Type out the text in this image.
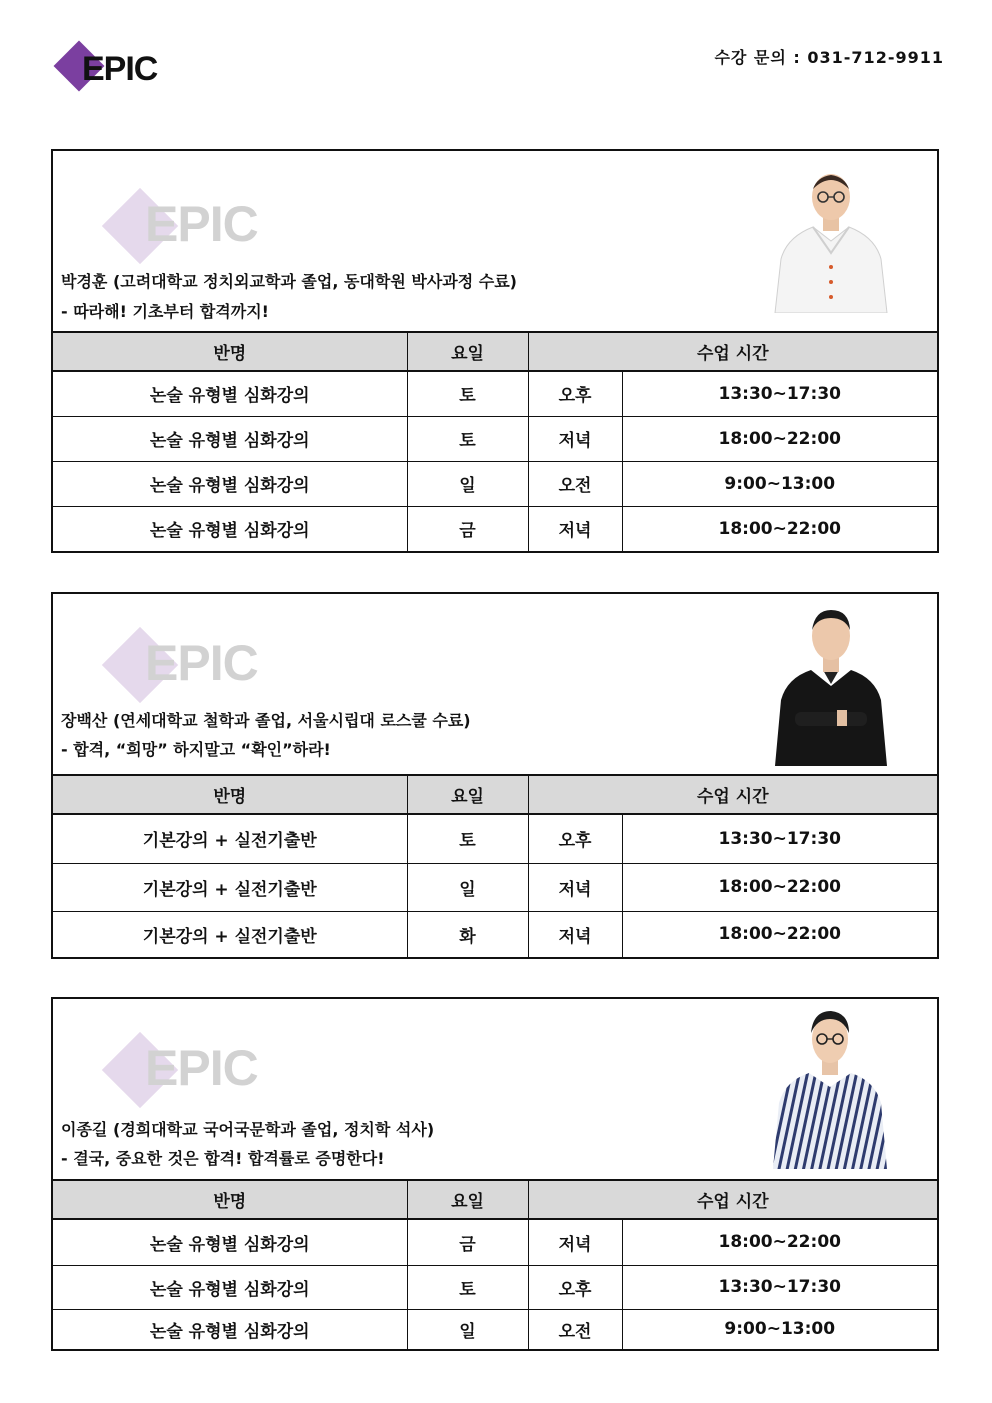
EPIC	수강 문의 : 031-712-9911
EPIC
박경훈 (고려대학교 정치외교학과 졸업, 동대학원 박사과정 수료)
- 따라해! 기초부터 합격까지!
반명	요일	수업 시간	
논술 유형별 심화강의	토	오후	13:30~17:30
논술 유형별 심화강의	토	저녁	18:00~22:00
논술 유형별 심화강의	일	오전	9:00~13:00
논술 유형별 심화강의	금	저녁	18:00~22:00
EPIC
장백산 (연세대학교 철학과 졸업, 서울시립대 로스쿨 수료)
- 합격, “희망” 하지말고 “확인”하라!
반명	요일	수업 시간	
기본강의 + 실전기출반	토	오후	13:30~17:30
기본강의 + 실전기출반	일	저녁	18:00~22:00
기본강의 + 실전기출반	화	저녁	18:00~22:00
EPIC
이종길 (경희대학교 국어국문학과 졸업, 정치학 석사)
- 결국, 중요한 것은 합격! 합격률로 증명한다!
반명	요일	수업 시간	
논술 유형별 심화강의	금	저녁	18:00~22:00
논술 유형별 심화강의	토	오후	13:30~17:30
논술 유형별 심화강의	일	오전	9:00~13:00
